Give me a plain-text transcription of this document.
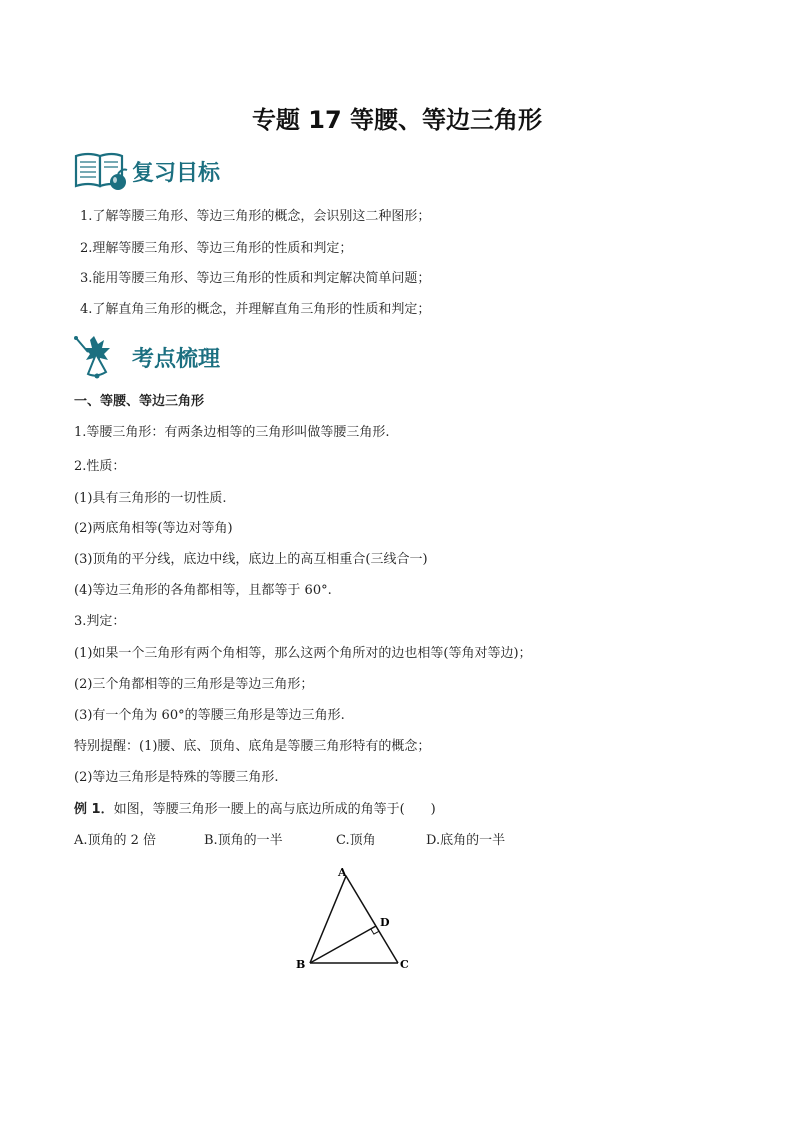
专题 17 等腰、等边三角形
复习目标
1.了解等腰三角形、等边三角形的概念，会识别这二种图形；
2.理解等腰三角形、等边三角形的性质和判定；
3.能用等腰三角形、等边三角形的性质和判定解决简单问题；
4.了解直角三角形的概念，并理解直角三角形的性质和判定；
考点梳理
一、等腰、等边三角形
1.等腰三角形：有两条边相等的三角形叫做等腰三角形.
2.性质：
(1)具有三角形的一切性质.
(2)两底角相等(等边对等角)
(3)顶角的平分线，底边中线，底边上的高互相重合(三线合一)
(4)等边三角形的各角都相等，且都等于 60°.
3.判定：
(1)如果一个三角形有两个角相等，那么这两个角所对的边也相等(等角对等边)；
(2)三个角都相等的三角形是等边三角形；
(3)有一个角为 60°的等腰三角形是等边三角形.
特别提醒：(1)腰、底、顶角、底角是等腰三角形特有的概念；
(2)等边三角形是特殊的等腰三角形.
例 1．如图，等腰三角形一腰上的高与底边所成的角等于(　　)
A.顶角的 2 倍	B.顶角的一半	C.顶角	D.底角的一半
A
B	C
D
